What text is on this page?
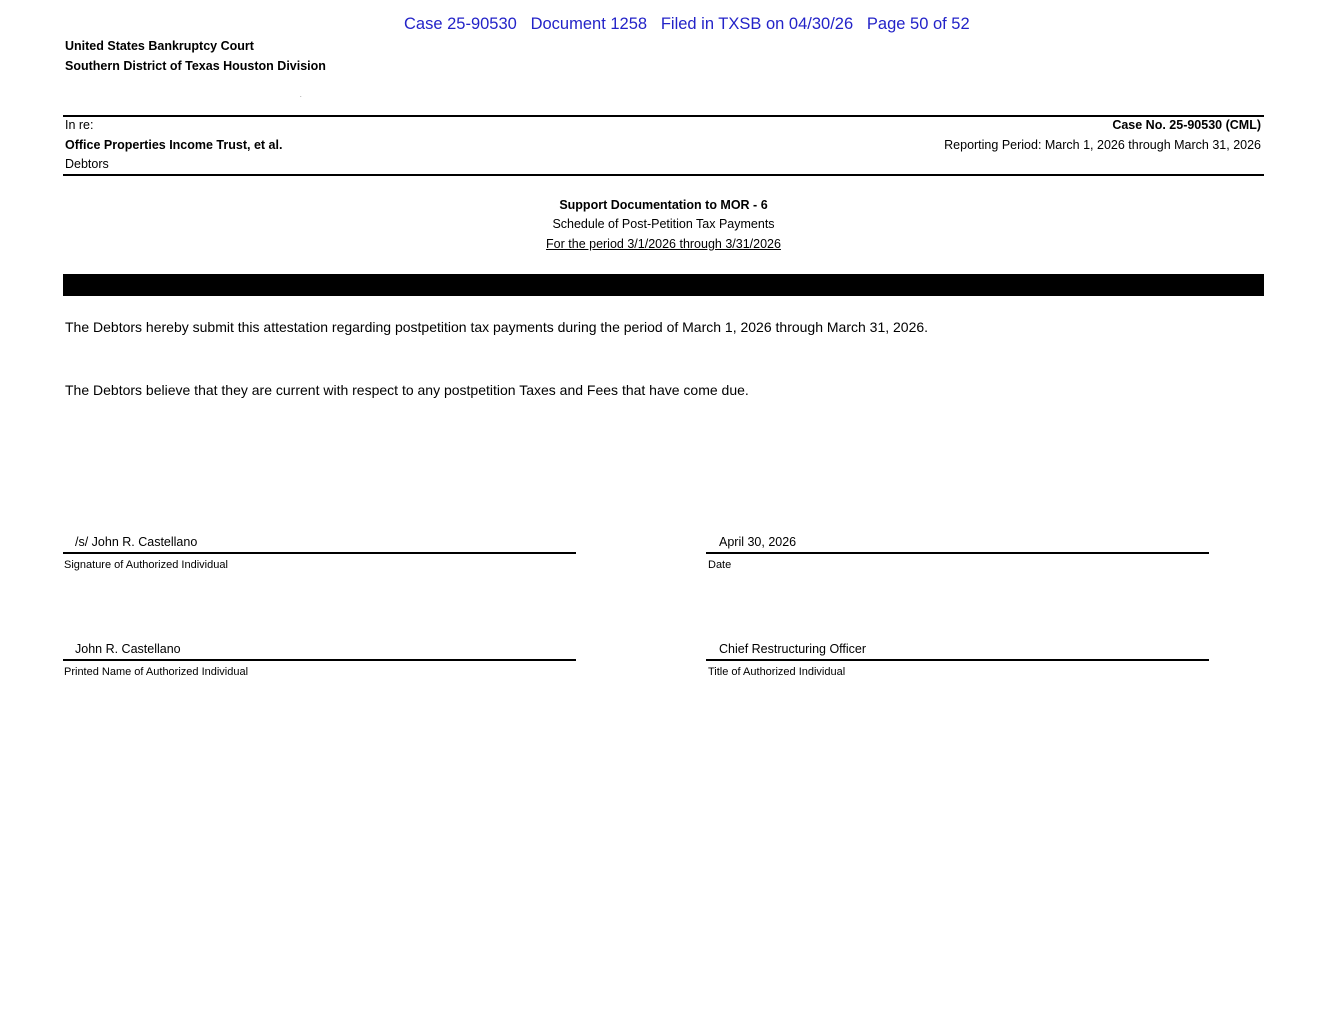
Case 25-90530   Document 1258   Filed in TXSB on 04/30/26   Page 50 of 52
United States Bankruptcy Court
Southern District of Texas Houston Division
.
In re:
Office Properties Income Trust, et al.
Debtors
Case No. 25-90530 (CML)
Reporting Period: March 1, 2026 through March 31, 2026
Support Documentation to MOR - 6
Schedule of Post-Petition Tax Payments
For the period 3/1/2026 through 3/31/2026
The Debtors hereby submit this attestation regarding postpetition tax payments during the period of March 1, 2026 through March 31, 2026.
The Debtors believe that they are current with respect to any postpetition Taxes and Fees that have come due.
/s/ John R. Castellano
Signature of Authorized Individual
April 30, 2026
Date
John R. Castellano
Printed Name of Authorized Individual
Chief Restructuring Officer
Title of Authorized Individual
